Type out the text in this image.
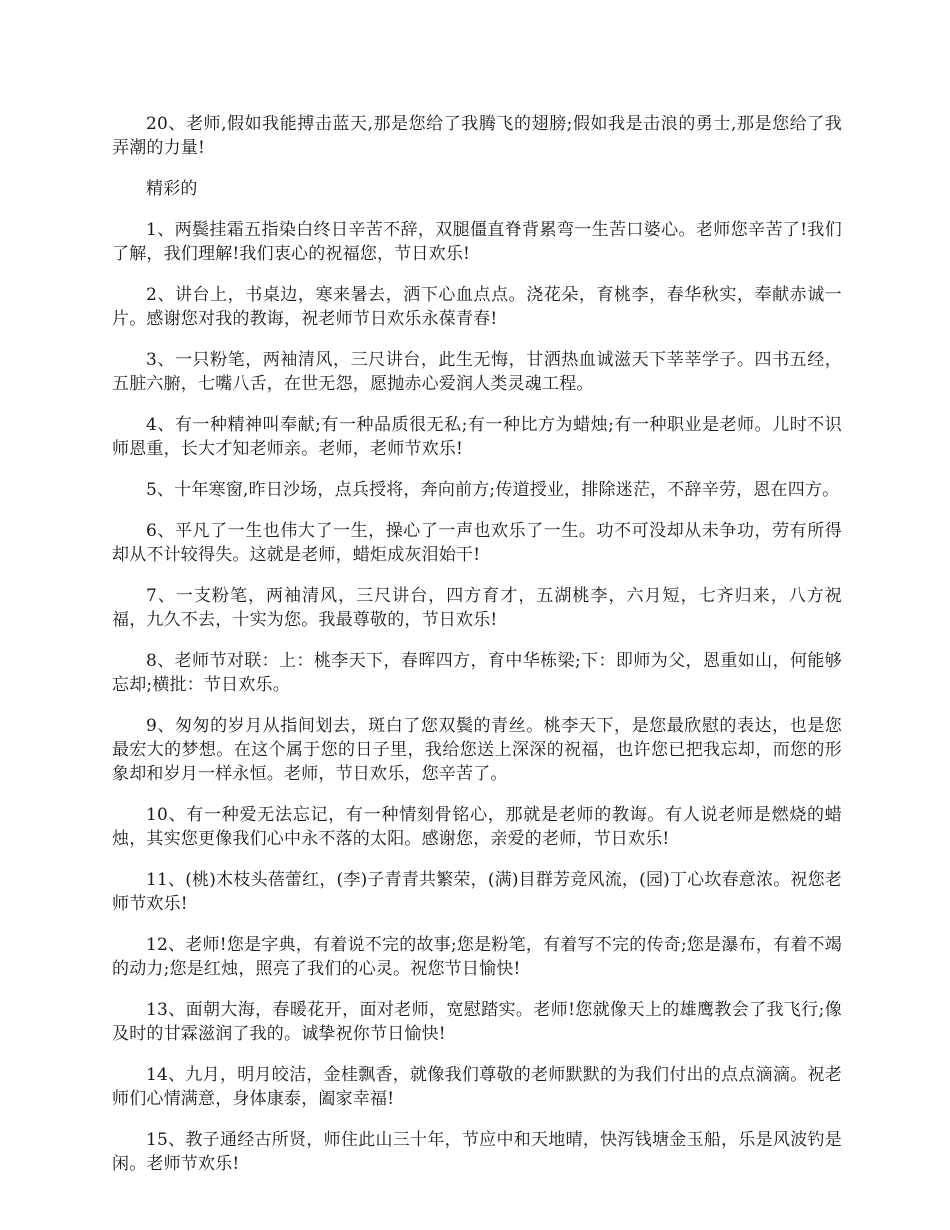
20、老师,假如我能搏击蓝天,那是您给了我腾飞的翅膀;假如我是击浪的勇士,那是您给了我弄潮的力量!

精彩的

1、两鬓挂霜五指染白终日辛苦不辞，双腿僵直脊背累弯一生苦口婆心。老师您辛苦了!我们了解，我们理解!我们衷心的祝福您，节日欢乐!

2、讲台上，书桌边，寒来暑去，洒下心血点点。浇花朵，育桃李，春华秋实，奉献赤诚一片。感谢您对我的教诲，祝老师节日欢乐永葆青春!

3、一只粉笔，两袖清风，三尺讲台，此生无悔，甘洒热血诚滋天下莘莘学子。四书五经，五脏六腑，七嘴八舌，在世无怨，愿抛赤心爱润人类灵魂工程。

4、有一种精神叫奉献;有一种品质很无私;有一种比方为蜡烛;有一种职业是老师。儿时不识师恩重，长大才知老师亲。老师，老师节欢乐!

5、十年寒窗,昨日沙场，点兵授将，奔向前方;传道授业，排除迷茫，不辞辛劳，恩在四方。

6、平凡了一生也伟大了一生，操心了一声也欢乐了一生。功不可没却从未争功，劳有所得却从不计较得失。这就是老师，蜡炬成灰泪始干!

7、一支粉笔，两袖清风，三尺讲台，四方育才，五湖桃李，六月短，七齐归来，八方祝福，九久不去，十实为您。我最尊敬的，节日欢乐!

8、老师节对联：上：桃李天下，春晖四方，育中华栋梁;下：即师为父，恩重如山，何能够忘却;横批：节日欢乐。

9、匆匆的岁月从指间划去，斑白了您双鬓的青丝。桃李天下，是您最欣慰的表达，也是您最宏大的梦想。在这个属于您的日子里，我给您送上深深的祝福，也许您已把我忘却，而您的形象却和岁月一样永恒。老师，节日欢乐，您辛苦了。

10、有一种爱无法忘记，有一种情刻骨铭心，那就是老师的教诲。有人说老师是燃烧的蜡烛，其实您更像我们心中永不落的太阳。感谢您，亲爱的老师，节日欢乐!

11、(桃)木枝头蓓蕾红，(李)子青青共繁荣，(满)目群芳竞风流，(园)丁心坎春意浓。祝您老师节欢乐!

12、老师!您是字典，有着说不完的故事;您是粉笔，有着写不完的传奇;您是瀑布，有着不竭的动力;您是红烛，照亮了我们的心灵。祝您节日愉快!

13、面朝大海，春暖花开，面对老师，宽慰踏实。老师!您就像天上的雄鹰教会了我飞行;像及时的甘霖滋润了我的。诚挚祝你节日愉快!

14、九月，明月皎洁，金桂飘香，就像我们尊敬的老师默默的为我们付出的点点滴滴。祝老师们心情满意，身体康泰，阖家幸福!

15、教子通经古所贤，师住此山三十年，节应中和天地晴，快泻钱塘金玉船，乐是风波钓是闲。老师节欢乐!
